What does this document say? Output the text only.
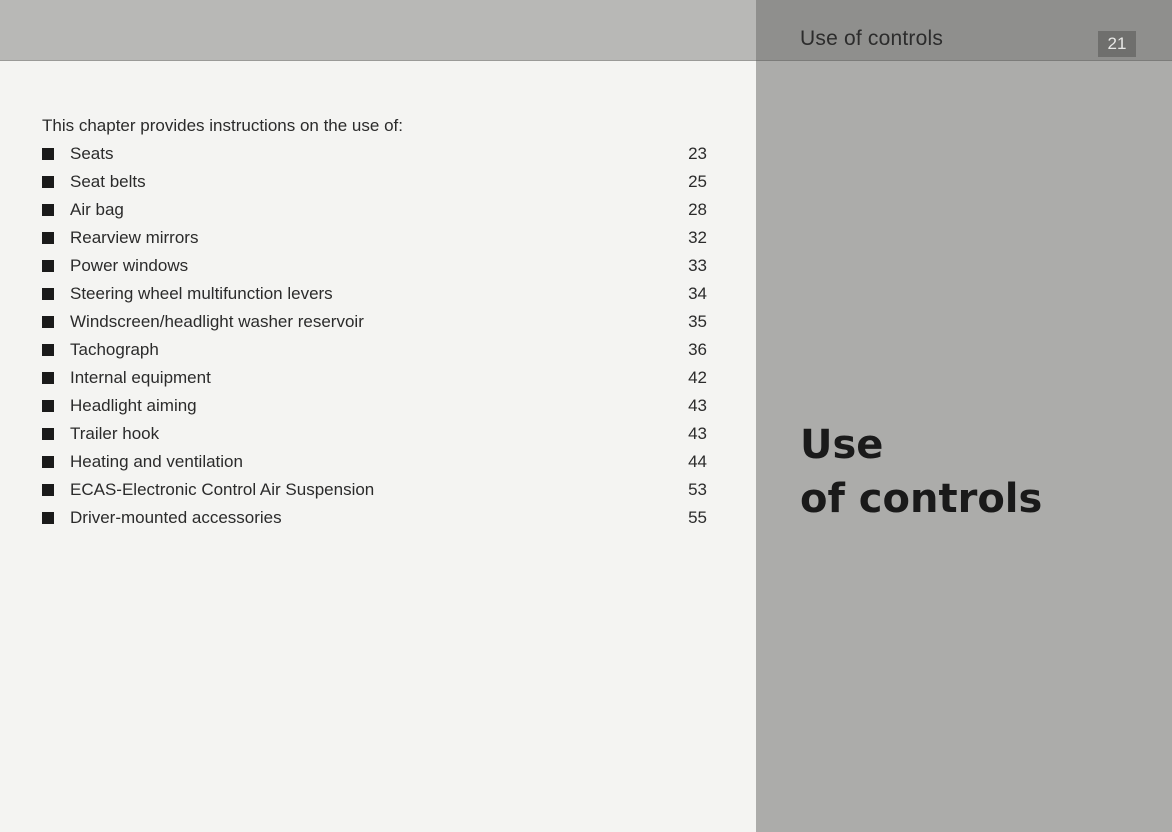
Use of controls	21
This chapter provides instructions on the use of:
Seats	23
Seat belts	25
Air bag	28
Rearview mirrors	32
Power windows	33
Steering wheel multifunction levers	34
Windscreen/headlight washer reservoir	35
Tachograph	36
Internal equipment	42
Headlight aiming	43
Trailer hook	43
Heating and ventilation	44
ECAS-Electronic Control Air Suspension	53
Driver-mounted accessories	55
Use
of controls
